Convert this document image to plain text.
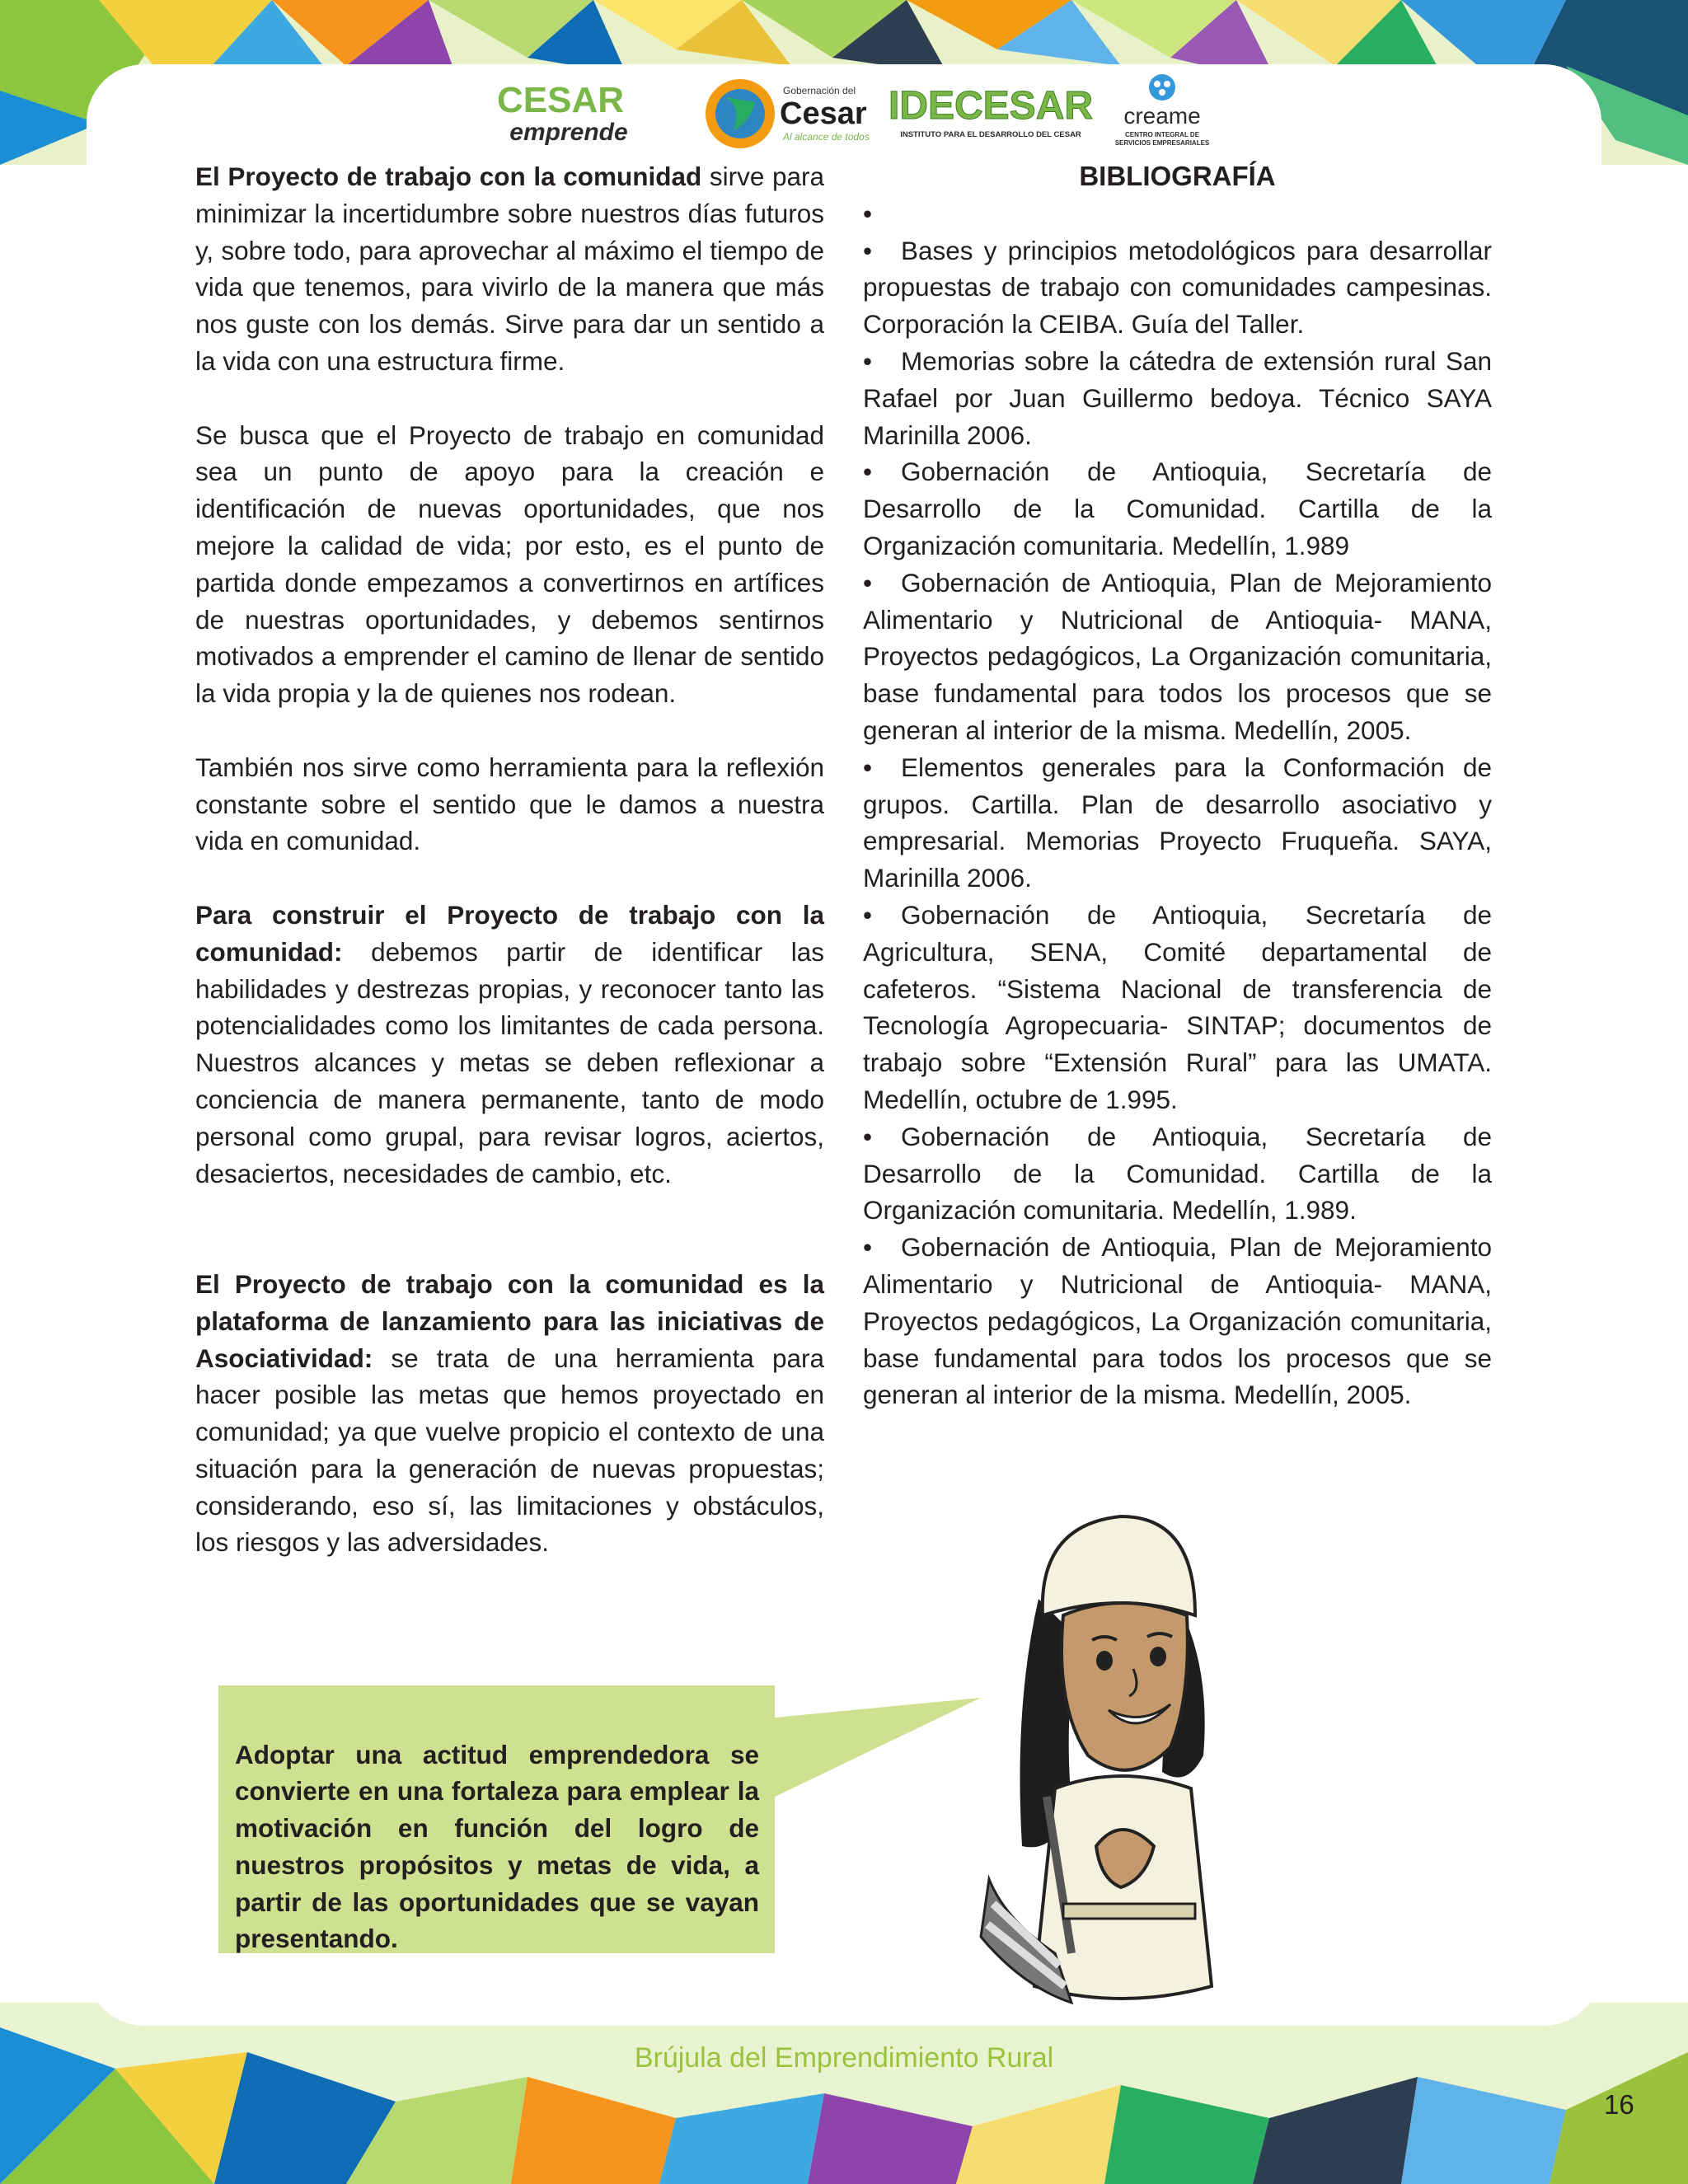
CESAR
emprende
Gobernación del
Cesar
Al alcance de todos
IDECESAR
INSTITUTO PARA EL DESARROLLO DEL CESAR
creame
CENTRO INTEGRAL DE
SERVICIOS EMPRESARIALES

El Proyecto de trabajo con la comunidad sirve para minimizar la incertidumbre sobre nuestros días futuros y, sobre todo, para aprovechar al máximo el tiempo de vida que tenemos, para vivirlo de la manera que más nos guste con los demás. Sirve para dar un sentido a la vida con una estructura firme.

Se busca que el Proyecto de trabajo en comunidad sea un punto de apoyo para la creación e identificación de nuevas oportunidades, que nos mejore la calidad de vida; por esto, es el punto de partida donde empezamos a convertirnos en artífices de nuestras oportunidades, y debemos sentirnos motivados a emprender el camino de llenar de sentido la vida propia y la de quienes nos rodean.

También nos sirve como herramienta para la reflexión constante sobre el sentido que le damos a nuestra vida en comunidad.

Para construir el Proyecto de trabajo con la comunidad: debemos partir de identificar las habilidades y destrezas propias, y reconocer tanto las potencialidades como los limitantes de cada persona. Nuestros alcances y metas se deben reflexionar a conciencia de manera permanente, tanto de modo personal como grupal, para revisar logros, aciertos, desaciertos, necesidades de cambio, etc.

El Proyecto de trabajo con la comunidad es la plataforma de lanzamiento para las iniciativas de Asociatividad: se trata de una herramienta para hacer posible las metas que hemos proyectado en comunidad; ya que vuelve propicio el contexto de una situación para la generación de nuevas propuestas; considerando, eso sí, las limitaciones y obstáculos, los riesgos y las adversidades.

BIBLIOGRAFÍA

•

• Bases y principios metodológicos para desarrollar propuestas de trabajo con comunidades campesinas. Corporación la CEIBA. Guía del Taller.

• Memorias sobre la cátedra de extensión rural San Rafael por Juan Guillermo bedoya. Técnico SAYA Marinilla 2006.

• Gobernación de Antioquia, Secretaría de Desarrollo de la Comunidad. Cartilla de la Organización comunitaria. Medellín, 1.989

• Gobernación de Antioquia, Plan de Mejoramiento Alimentario y Nutricional de Antioquia- MANA, Proyectos pedagógicos, La Organización comunitaria, base fundamental para todos los procesos que se generan al interior de la misma. Medellín, 2005.

• Elementos generales para la Conformación de grupos. Cartilla. Plan de desarrollo asociativo y empresarial. Memorias Proyecto Fruqueña. SAYA, Marinilla 2006.

• Gobernación de Antioquia, Secretaría de Agricultura, SENA, Comité departamental de cafeteros. “Sistema Nacional de transferencia de Tecnología Agropecuaria- SINTAP; documentos de trabajo sobre “Extensión Rural” para las UMATA. Medellín, octubre de 1.995.

• Gobernación de Antioquia, Secretaría de Desarrollo de la Comunidad. Cartilla de la Organización comunitaria. Medellín, 1.989.

• Gobernación de Antioquia, Plan de Mejoramiento Alimentario y Nutricional de Antioquia- MANA, Proyectos pedagógicos, La Organización comunitaria, base fundamental para todos los procesos que se generan al interior de la misma. Medellín, 2005.

Adoptar una actitud emprendedora se convierte en una fortaleza para emplear la motivación en función del logro de nuestros propósitos y metas de vida, a partir de las oportunidades que se vayan presentando.

Brújula del Emprendimiento Rural
16
